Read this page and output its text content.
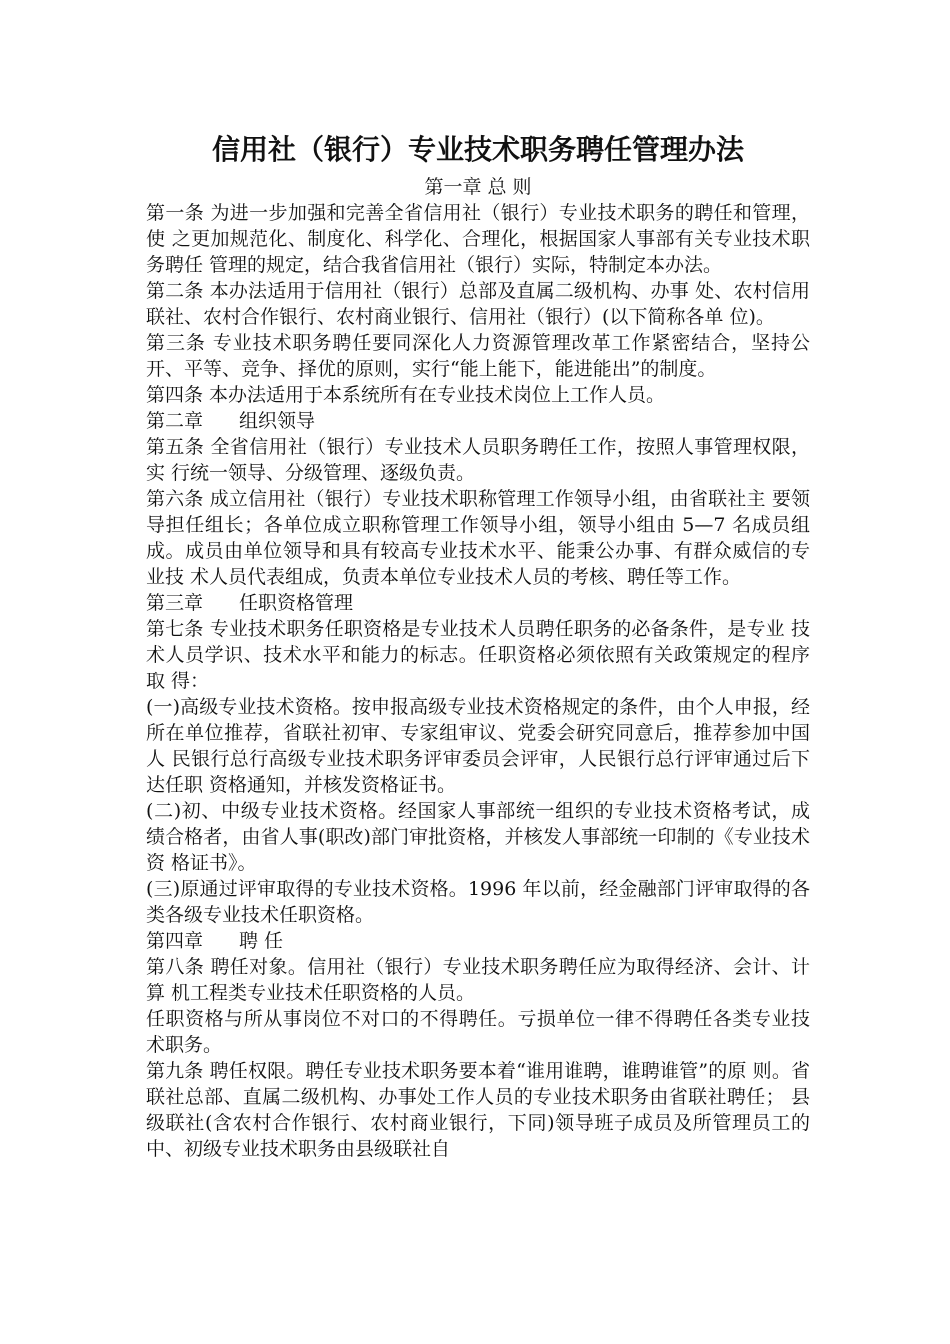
信用社（银行）专业技术职务聘任管理办法
第一章 总 则

第一条 为进一步加强和完善全省信用社（银行）专业技术职务的聘任和管理，使 之更加规范化、制度化、科学化、合理化，根据国家人事部有关专业技术职务聘任 管理的规定，结合我省信用社（银行）实际，特制定本办法。

第二条 本办法适用于信用社（银行）总部及直属二级机构、办事 处、农村信用联社、农村合作银行、农村商业银行、信用社（银行）(以下简称各单 位)。

第三条 专业技术职务聘任要同深化人力资源管理改革工作紧密结合，坚持公 开、平等、竞争、择优的原则，实行“能上能下，能进能出”的制度。

第四条 本办法适用于本系统所有在专业技术岗位上工作人员。

第二章 组织领导

第五条 全省信用社（银行）专业技术人员职务聘任工作，按照人事管理权限，实 行统一领导、分级管理、逐级负责。

第六条 成立信用社（银行）专业技术职称管理工作领导小组，由省联社主 要领导担任组长；各单位成立职称管理工作领导小组，领导小组由 5—7 名成员组 成。成员由单位领导和具有较高专业技术水平、能秉公办事、有群众威信的专业技 术人员代表组成，负责本单位专业技术人员的考核、聘任等工作。

第三章 任职资格管理

第七条 专业技术职务任职资格是专业技术人员聘任职务的必备条件，是专业 技术人员学识、技术水平和能力的标志。任职资格必须依照有关政策规定的程序取 得：

(一)高级专业技术资格。按申报高级专业技术资格规定的条件，由个人申报，经所在单位推荐，省联社初审、专家组审议、党委会研究同意后，推荐参加中国人 民银行总行高级专业技术职务评审委员会评审，人民银行总行评审通过后下达任职 资格通知，并核发资格证书。

(二)初、中级专业技术资格。经国家人事部统一组织的专业技术资格考试，成 绩合格者，由省人事(职改)部门审批资格，并核发人事部统一印制的《专业技术资 格证书》。

(三)原通过评审取得的专业技术资格。1996 年以前，经金融部门评审取得的各 类各级专业技术任职资格。

第四章 聘 任

第八条 聘任对象。信用社（银行）专业技术职务聘任应为取得经济、会计、计算 机工程类专业技术任职资格的人员。

任职资格与所从事岗位不对口的不得聘任。亏损单位一律不得聘任各类专业技 术职务。

第九条 聘任权限。聘任专业技术职务要本着“谁用谁聘，谁聘谁管”的原 则。省联社总部、直属二级机构、办事处工作人员的专业技术职务由省联社聘任； 县级联社(含农村合作银行、农村商业银行，下同)领导班子成员及所管理员工的 中、初级专业技术职务由县级联社自
